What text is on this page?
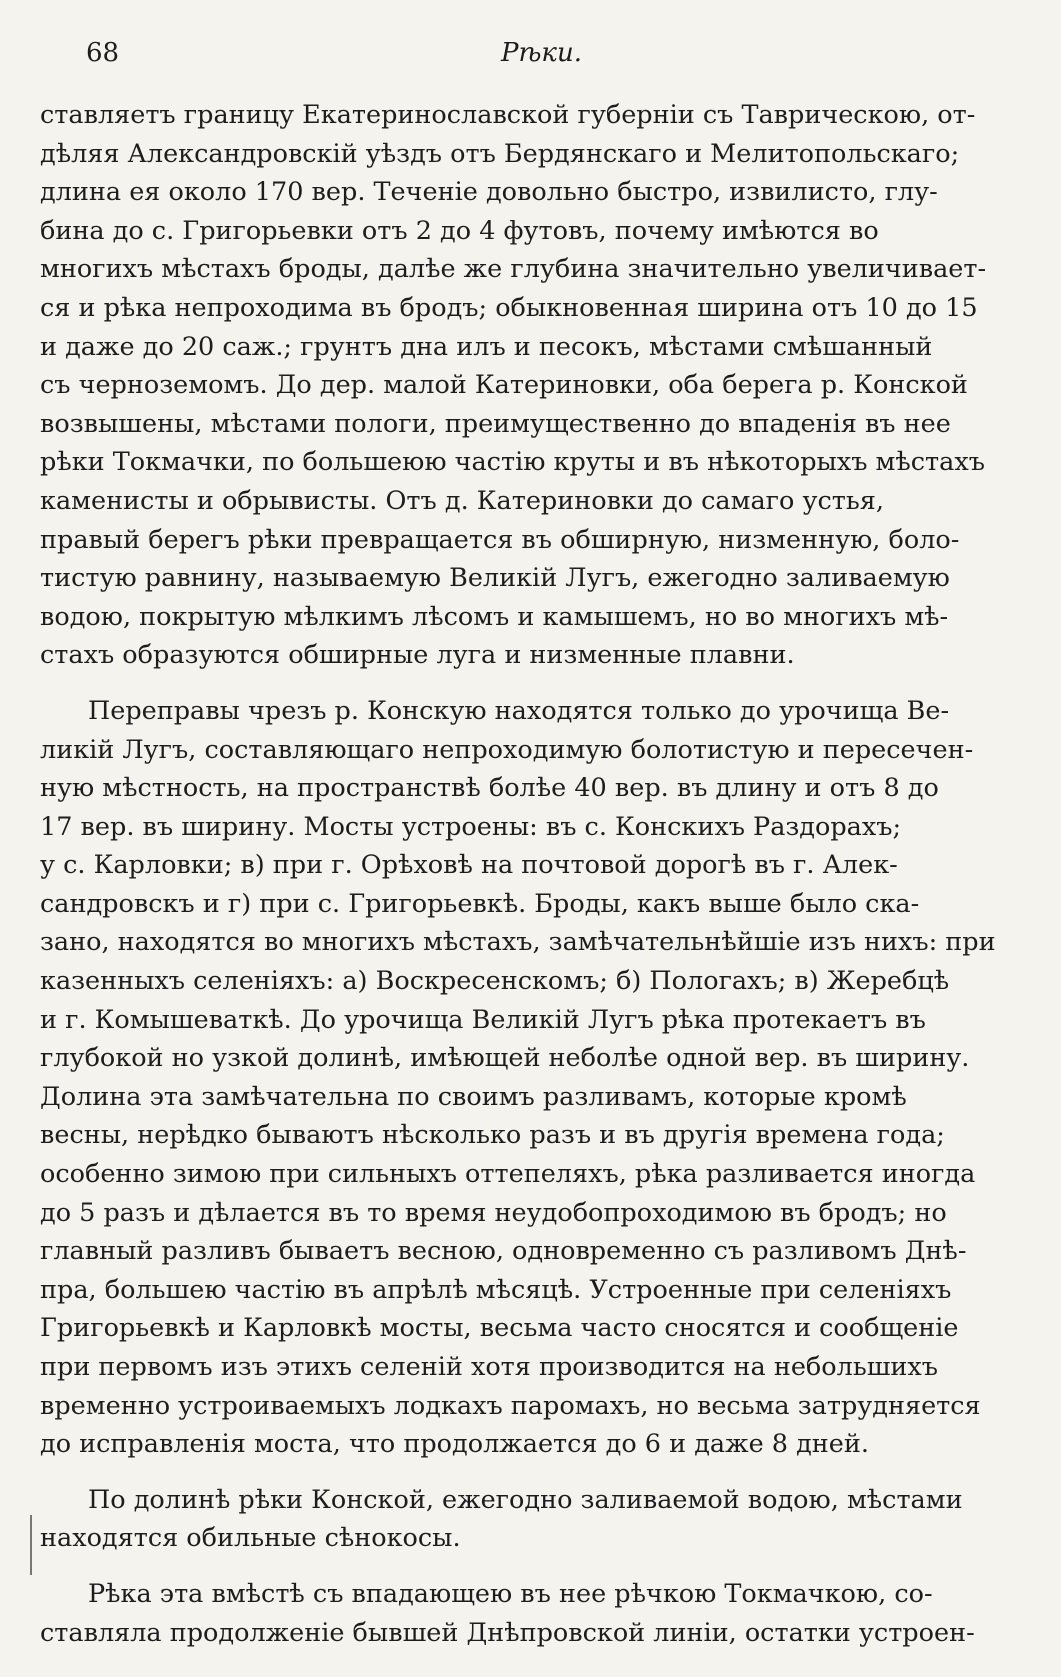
68	Рѣки.
ставляетъ границу Екатеринославской губерніи съ Таврическою, от-
дѣляя Александровскій уѣздъ отъ Бердянскаго и Мелитопольскаго;
длина ея около 170 вер. Теченіе довольно быстро, извилисто, глу-
бина до с. Григорьевки отъ 2 до 4 футовъ, почему имѣются во
многихъ мѣстахъ броды, далѣе же глубина значительно увеличивает-
ся и рѣка непроходима въ бродъ; обыкновенная ширина отъ 10 до 15
и даже до 20 саж.; грунтъ дна илъ и песокъ, мѣстами смѣшанный
съ черноземомъ. До дер. малой Катериновки, оба берега р. Конской
возвышены, мѣстами пологи, преимущественно до впаденія въ нее
рѣки Токмачки, по большеюю частію круты и въ нѣкоторыхъ мѣстахъ
каменисты и обрывисты. Отъ д. Катериновки до самаго устья,
правый берегъ рѣки превращается въ обширную, низменную, боло-
тистую равнину, называемую Великій Лугъ, ежегодно заливаемую
водою, покрытую мѣлкимъ лѣсомъ и камышемъ, но во многихъ мѣ-
стахъ образуются обширные луга и низменные плавни.
Переправы чрезъ р. Конскую находятся только до урочища Ве-
ликій Лугъ, составляющаго непроходимую болотистую и пересечен-
ную мѣстность, на пространствѣ болѣе 40 вер. въ длину и отъ 8 до
17 вер. въ ширину. Мосты устроены: въ с. Конскихъ Раздорахъ;
у с. Карловки; в) при г. Орѣховѣ на почтовой дорогѣ въ г. Алек-
сандровскъ и г) при с. Григорьевкѣ. Броды, какъ выше было ска-
зано, находятся во многихъ мѣстахъ, замѣчательнѣйшіе изъ нихъ: при
казенныхъ селеніяхъ: а) Воскресенскомъ; б) Пологахъ; в) Жеребцѣ
и г. Комышеваткѣ. До урочища Великій Лугъ рѣка протекаетъ въ
глубокой но узкой долинѣ, имѣющей неболѣе одной вер. въ ширину.
Долина эта замѣчательна по своимъ разливамъ, которые кромѣ
весны, нерѣдко бываютъ нѣсколько разъ и въ другія времена года;
особенно зимою при сильныхъ оттепеляхъ, рѣка разливается иногда
до 5 разъ и дѣлается въ то время неудобопроходимою въ бродъ; но
главный разливъ бываетъ весною, одновременно съ разливомъ Днѣ-
пра, большею частію въ апрѣлѣ мѣсяцѣ. Устроенные при селеніяхъ
Григорьевкѣ и Карловкѣ мосты, весьма часто сносятся и сообщеніе
при первомъ изъ этихъ селеній хотя производится на небольшихъ
временно устроиваемыхъ лодкахъ паромахъ, но весьма затрудняется
до исправленія моста, что продолжается до 6 и даже 8 дней.
По долинѣ рѣки Конской, ежегодно заливаемой водою, мѣстами
находятся обильные сѣнокосы.
Рѣка эта вмѣстѣ съ впадающею въ нее рѣчкою Токмачкою, со-
ставляла продолженіе бывшей Днѣпровской линіи, остатки устроен-
